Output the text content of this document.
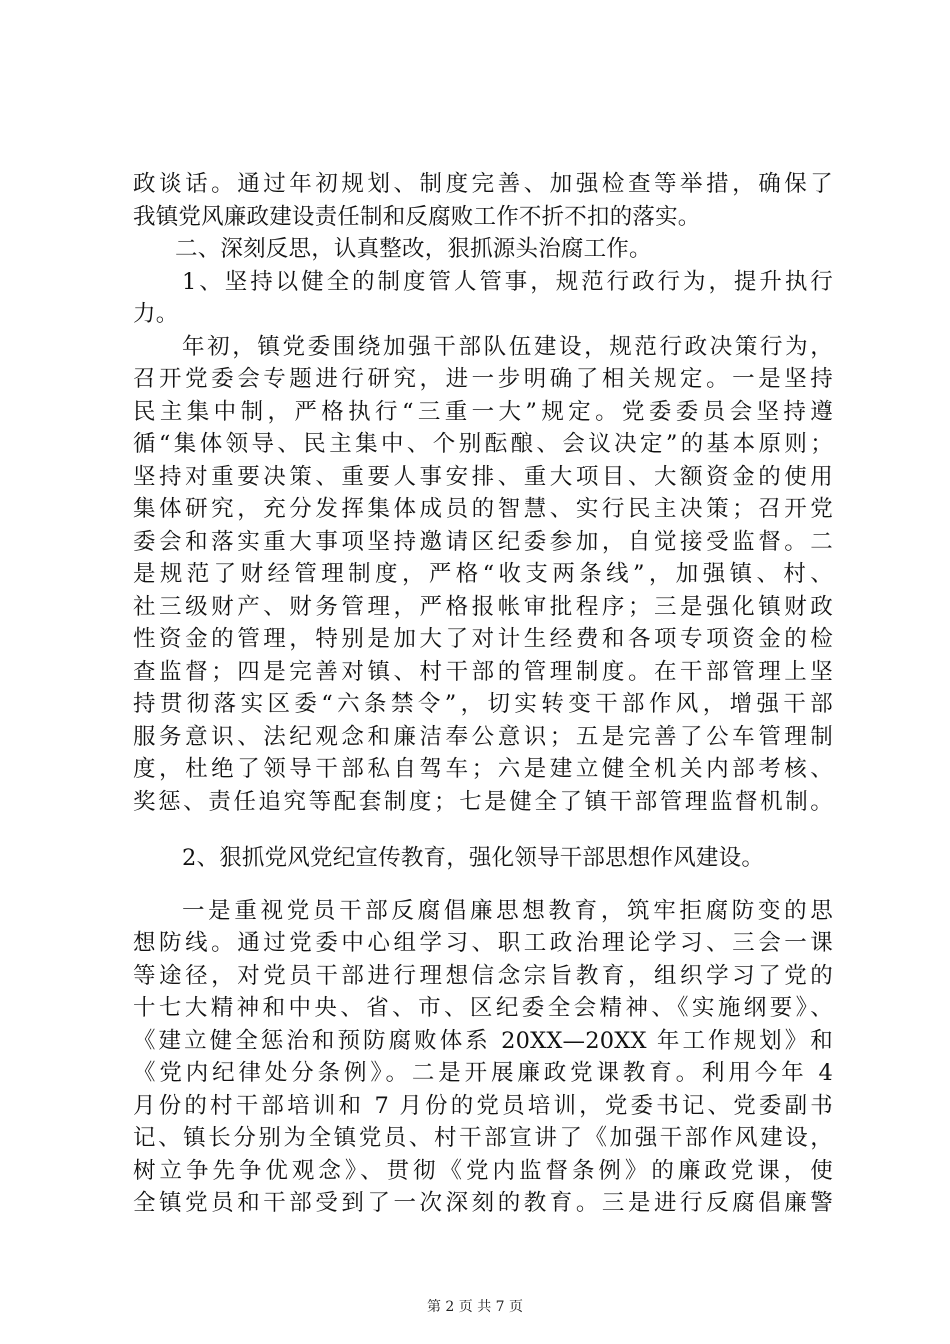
政谈话。通过年初规划、制度完善、加强检查等举措，确保了
我镇党风廉政建设责任制和反腐败工作不折不扣的落实。
二、深刻反思，认真整改，狠抓源头治腐工作。
1、坚持以健全的制度管人管事，规范行政行为，提升执行
力。
年初，镇党委围绕加强干部队伍建设，规范行政决策行为，
召开党委会专题进行研究，进一步明确了相关规定。一是坚持
民主集中制，严格执行“三重一大”规定。党委委员会坚持遵
循“集体领导、民主集中、个别酝酿、会议决定”的基本原则；
坚持对重要决策、重要人事安排、重大项目、大额资金的使用
集体研究，充分发挥集体成员的智慧、实行民主决策；召开党
委会和落实重大事项坚持邀请区纪委参加，自觉接受监督。二
是规范了财经管理制度，严格“收支两条线”，加强镇、村、
社三级财产、财务管理，严格报帐审批程序；三是强化镇财政
性资金的管理，特别是加大了对计生经费和各项专项资金的检
查监督；四是完善对镇、村干部的管理制度。在干部管理上坚
持贯彻落实区委“六条禁令”，切实转变干部作风，增强干部
服务意识、法纪观念和廉洁奉公意识；五是完善了公车管理制
度，杜绝了领导干部私自驾车；六是建立健全机关内部考核、
奖惩、责任追究等配套制度；七是健全了镇干部管理监督机制。
2、狠抓党风党纪宣传教育，强化领导干部思想作风建设。
一是重视党员干部反腐倡廉思想教育，筑牢拒腐防变的思
想防线。通过党委中心组学习、职工政治理论学习、三会一课
等途径，对党员干部进行理想信念宗旨教育，组织学习了党的
十七大精神和中央、省、市、区纪委全会精神、《实施纲要》、
《建立健全惩治和预防腐败体系 20XX—20XX 年工作规划》和
《党内纪律处分条例》。二是开展廉政党课教育。利用今年 4
月份的村干部培训和 7 月份的党员培训，党委书记、党委副书
记、镇长分别为全镇党员、村干部宣讲了《加强干部作风建设，
树立争先争优观念》、贯彻《党内监督条例》的廉政党课，使
全镇党员和干部受到了一次深刻的教育。三是进行反腐倡廉警
第 2 页 共 7 页
